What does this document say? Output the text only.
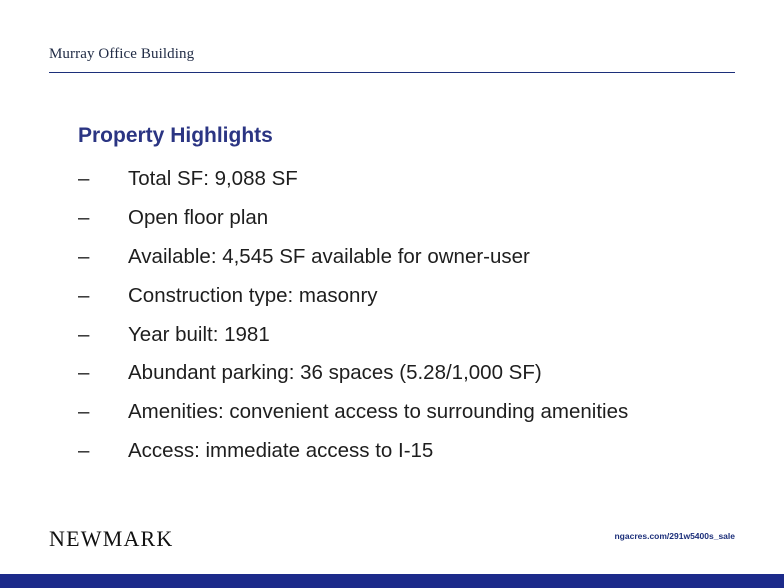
Murray Office Building
Property Highlights
–	Total SF: 9,088 SF
–	Open floor plan
–	Available: 4,545 SF available for owner-user
–	Construction type: masonry
–	Year built: 1981
–	Abundant parking: 36 spaces (5.28/1,000 SF)
–	Amenities: convenient access to surrounding amenities
–	Access: immediate access to I-15
NEWMARK	ngacres.com/291w5400s_sale
